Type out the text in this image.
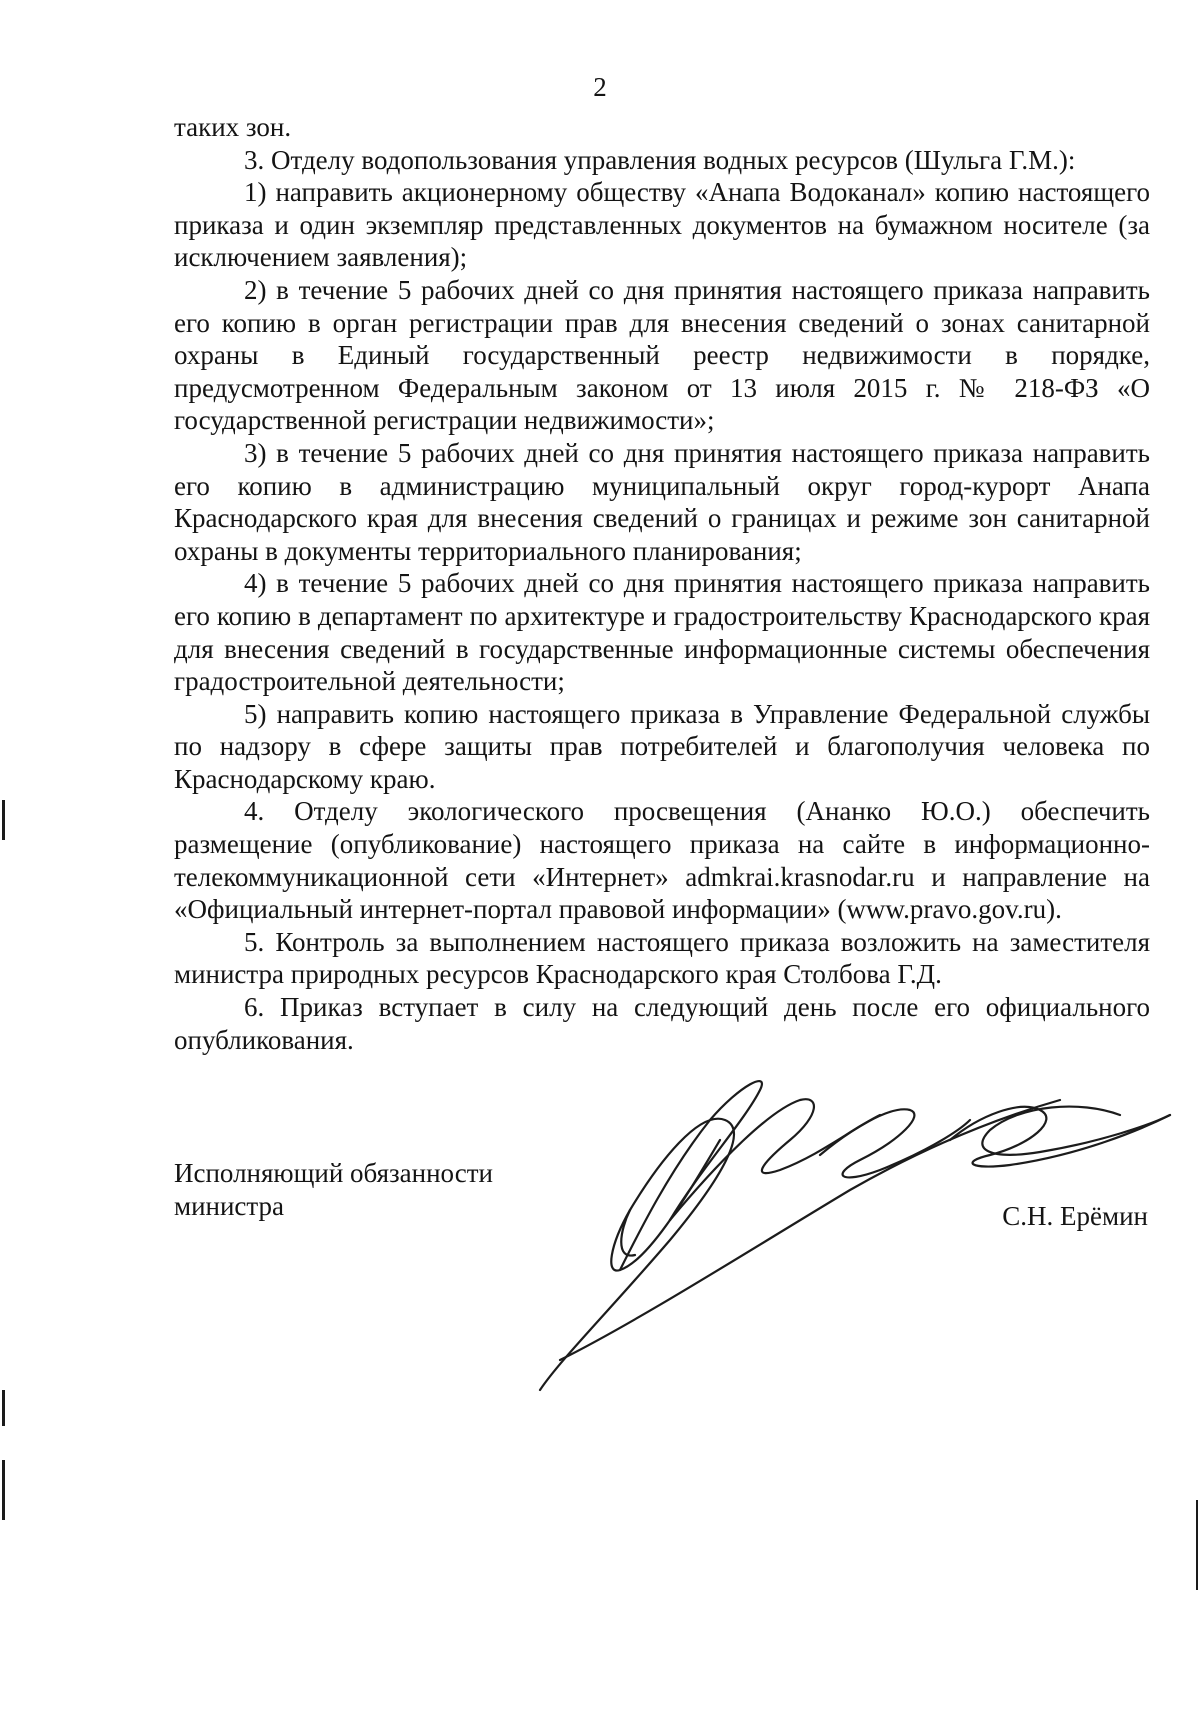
2

таких зон.

3. Отделу водопользования управления водных ресурсов (Шульга Г.М.):

1) направить акционерному обществу «Анапа Водоканал» копию настоящего приказа и один экземпляр представленных документов на бумажном носителе (за исключением заявления);

2) в течение 5 рабочих дней со дня принятия настоящего приказа направить его копию в орган регистрации прав для внесения сведений о зонах санитарной охраны в Единый государственный реестр недвижимости в порядке, предусмотренном Федеральным законом от 13 июля 2015 г. № 218-ФЗ «О государственной регистрации недвижимости»;

3) в течение 5 рабочих дней со дня принятия настоящего приказа направить его копию в администрацию муниципальный округ город-курорт Анапа Краснодарского края для внесения сведений о границах и режиме зон санитарной охраны в документы территориального планирования;

4) в течение 5 рабочих дней со дня принятия настоящего приказа направить его копию в департамент по архитектуре и градостроительству Краснодарского края для внесения сведений в государственные информационные системы обеспечения градостроительной деятельности;

5) направить копию настоящего приказа в Управление Федеральной службы по надзору в сфере защиты прав потребителей и благополучия человека по Краснодарскому краю.

4. Отделу экологического просвещения (Ананко Ю.О.) обеспечить размещение (опубликование) настоящего приказа на сайте в информационно-телекоммуникационной сети «Интернет» admkrai.krasnodar.ru и направление на «Официальный интернет-портал правовой информации» (www.pravo.gov.ru).

5. Контроль за выполнением настоящего приказа возложить на заместителя министра природных ресурсов Краснодарского края Столбова Г.Д.

6. Приказ вступает в силу на следующий день после его официального опубликования.

Исполняющий обязанности
министра	С.Н. Ерёмин
